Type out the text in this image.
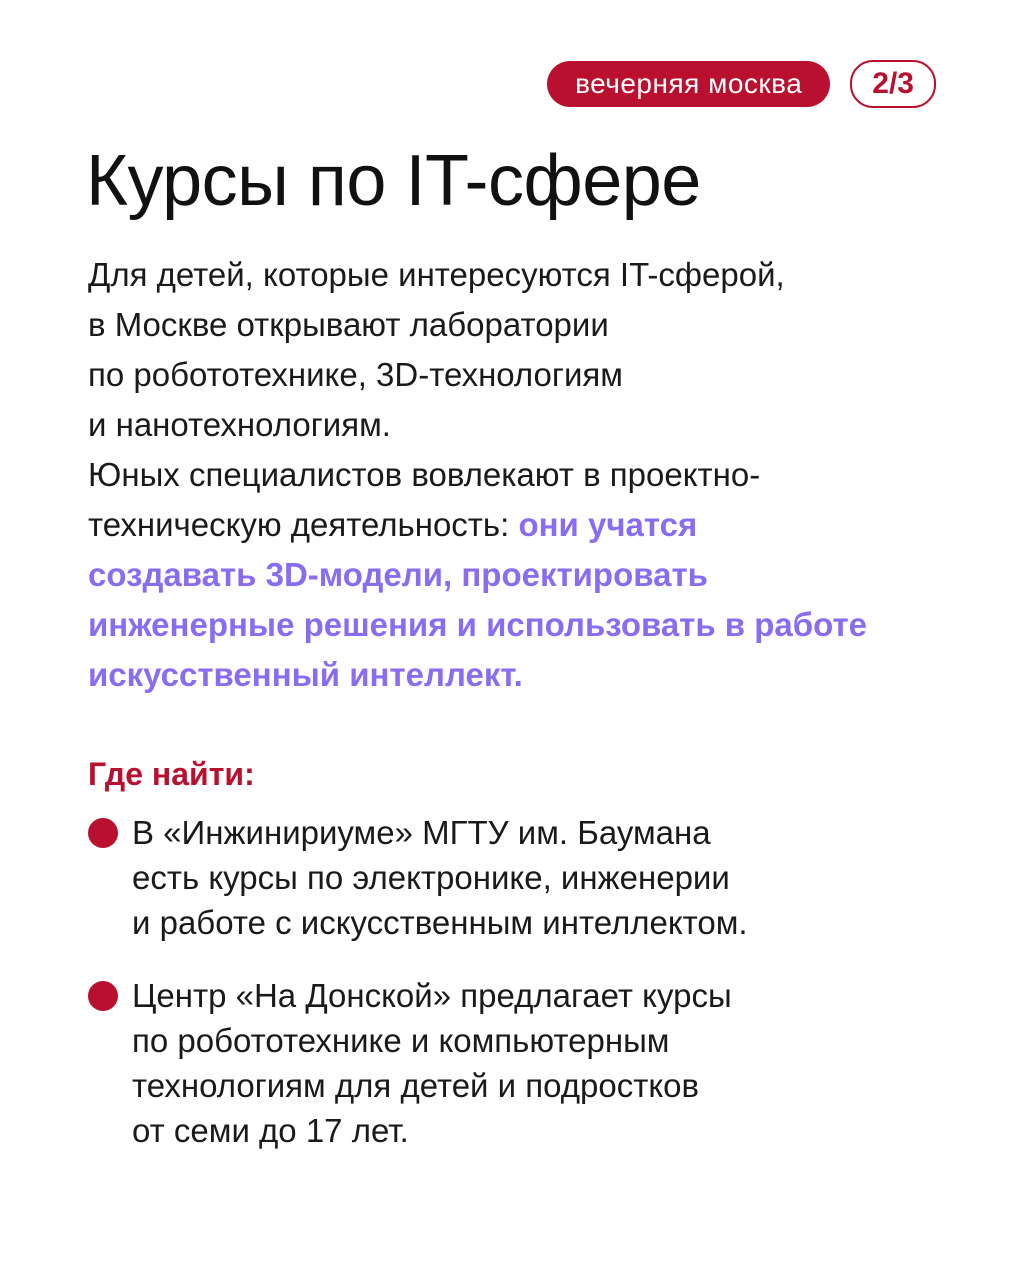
вечерняя москва	2/3
Курсы по IT-сфере

Для детей, которые интересуются IT-сферой,
в Москве открывают лаборатории
по робототехнике, 3D-технологиям
и нанотехнологиям.
Юных специалистов вовлекают в проектно-
техническую деятельность: они учатся
создавать 3D-модели, проектировать
инженерные решения и использовать в работе
искусственный интеллект.

Где найти:
В «Инжинириуме» МГТУ им. Баумана
есть курсы по электронике, инженерии
и работе с искусственным интеллектом.
Центр «На Донской» предлагает курсы
по робототехнике и компьютерным
технологиям для детей и подростков
от семи до 17 лет.
